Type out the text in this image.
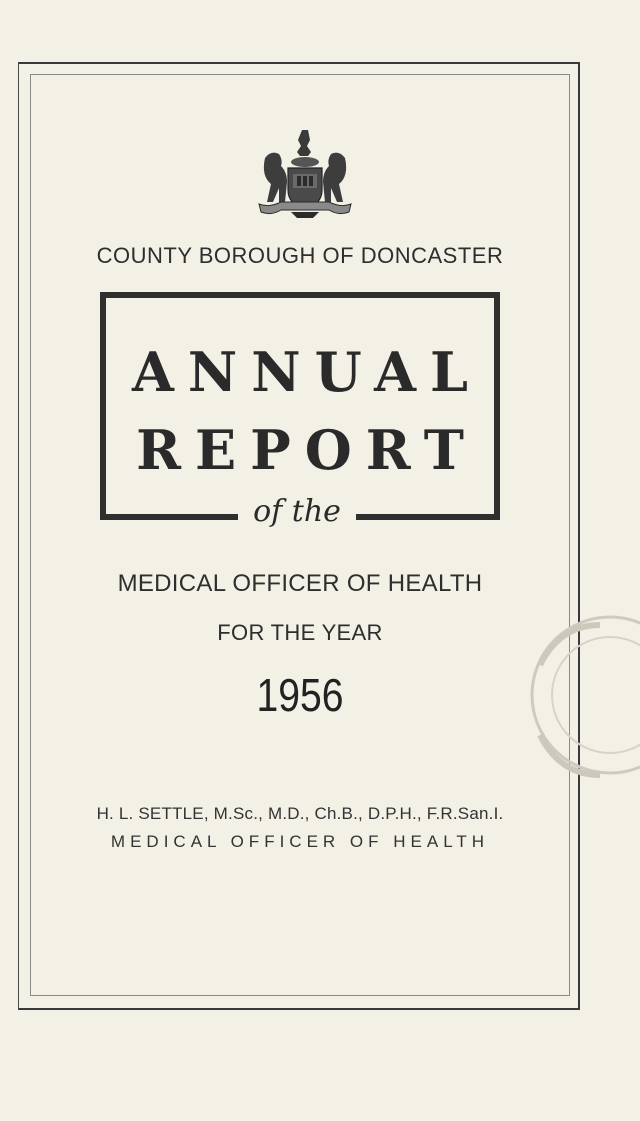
COUNTY BOROUGH OF DONCASTER
ANNUAL
REPORT
of the
MEDICAL OFFICER OF HEALTH
FOR THE YEAR
1956
H. L. SETTLE, M.Sc., M.D., Ch.B., D.P.H., F.R.San.I.
MEDICAL OFFICER OF HEALTH
